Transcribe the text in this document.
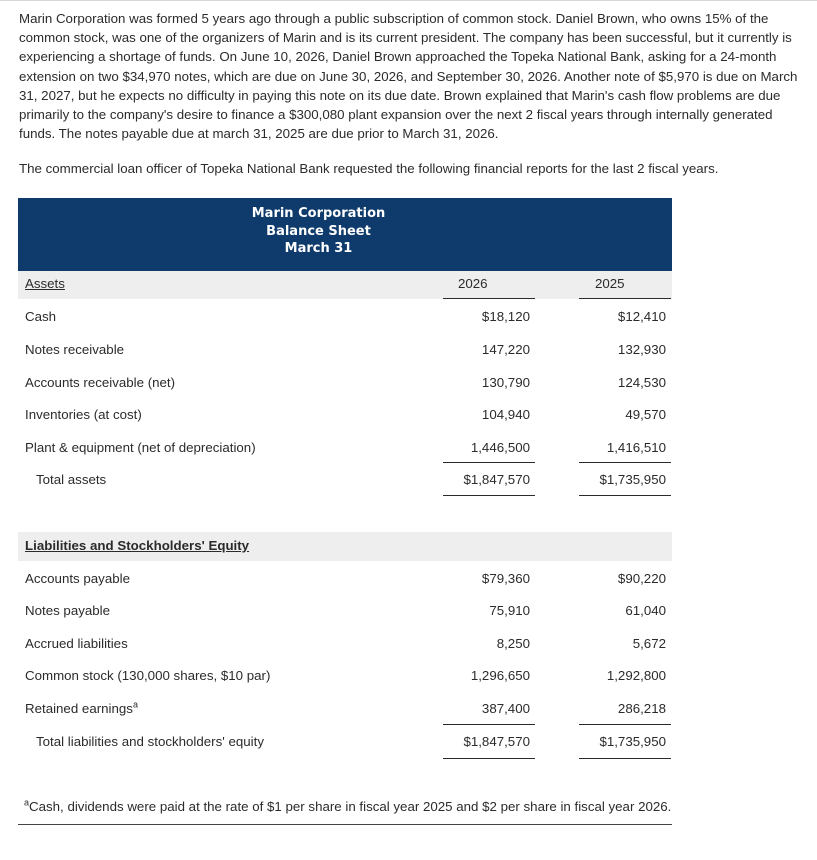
Marin Corporation was formed 5 years ago through a public subscription of common stock. Daniel Brown, who owns 15% of the common stock, was one of the organizers of Marin and is its current president. The company has been successful, but it currently is experiencing a shortage of funds. On June 10, 2026, Daniel Brown approached the Topeka National Bank, asking for a 24-month extension on two $34,970 notes, which are due on June 30, 2026, and September 30, 2026. Another note of $5,970 is due on March 31, 2027, but he expects no difficulty in paying this note on its due date. Brown explained that Marin's cash flow problems are due primarily to the company's desire to finance a $300,080 plant expansion over the next 2 fiscal years through internally generated funds. The notes payable due at march 31, 2025 are due prior to March 31, 2026.

The commercial loan officer of Topeka National Bank requested the following financial reports for the last 2 fiscal years.

Marin Corporation
Balance Sheet
March 31
Assets	2026	2025
Cash	$18,120	$12,410
Notes receivable	147,220	132,930
Accounts receivable (net)	130,790	124,530
Inventories (at cost)	104,940	49,570
Plant & equipment (net of depreciation)	1,446,500	1,416,510
Total assets	$1,847,570	$1,735,950
Liabilities and Stockholders' Equity
Accounts payable	$79,360	$90,220
Notes payable	75,910	61,040
Accrued liabilities	8,250	5,672
Common stock (130,000 shares, $10 par)	1,296,650	1,292,800
Retained earnings$^a$	387,400	286,218
Total liabilities and stockholders' equity	$1,847,570	$1,735,950
$^a$Cash, dividends were paid at the rate of $1 per share in fiscal year 2025 and $2 per share in fiscal year 2026.
